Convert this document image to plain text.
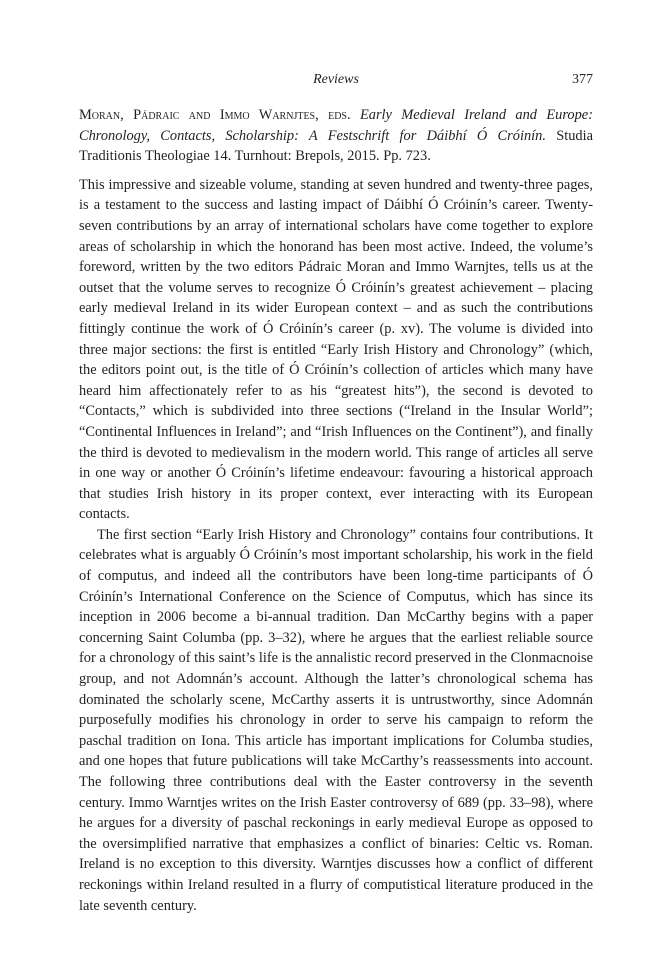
Reviews	377

Moran, Pádraic and Immo Warnjtes, eds. Early Medieval Ireland and Europe: Chronology, Contacts, Scholarship: A Festschrift for Dáibhí Ó Cróinín. Studia Traditionis Theologiae 14. Turnhout: Brepols, 2015. Pp. 723.

This impressive and sizeable volume, standing at seven hundred and twenty-three pages, is a testament to the success and lasting impact of Dáibhí Ó Cróinín’s career. Twenty-seven contributions by an array of international scholars have come together to explore areas of scholarship in which the honorand has been most active. Indeed, the volume’s foreword, written by the two editors Pádraic Moran and Immo Warnjtes, tells us at the outset that the volume serves to recognize Ó Cróinín’s greatest achievement – placing early medieval Ireland in its wider European context – and as such the contributions fittingly continue the work of Ó Cróinín’s career (p. xv). The volume is divided into three major sections: the first is entitled “Early Irish History and Chronology” (which, the editors point out, is the title of Ó Cróinín’s collection of articles which many have heard him affectionately refer to as his “greatest hits”), the second is devoted to “Contacts,” which is subdivided into three sections (“Ireland in the Insular World”; “Continental Influences in Ireland”; and “Irish Influences on the Continent”), and finally the third is devoted to medievalism in the modern world. This range of articles all serve in one way or another Ó Cróinín’s lifetime endeavour: favouring a historical approach that studies Irish history in its proper context, ever interacting with its European contacts.

The first section “Early Irish History and Chronology” contains four contributions. It celebrates what is arguably Ó Cróinín’s most important scholarship, his work in the field of computus, and indeed all the contributors have been long-time participants of Ó Cróinín’s International Conference on the Science of Computus, which has since its inception in 2006 become a bi-annual tradition. Dan McCarthy begins with a paper concerning Saint Columba (pp. 3–32), where he argues that the earliest reliable source for a chronology of this saint’s life is the annalistic record preserved in the Clonmacnoise group, and not Adomnán’s account. Although the latter’s chronological schema has dominated the scholarly scene, McCarthy asserts it is untrustworthy, since Adomnán purposefully modifies his chronology in order to serve his campaign to reform the paschal tradition on Iona. This article has important implications for Columba studies, and one hopes that future publications will take McCarthy’s reassessments into account. The following three contributions deal with the Easter controversy in the seventh century. Immo Warntjes writes on the Irish Easter controversy of 689 (pp. 33–98), where he argues for a diversity of paschal reckonings in early medieval Europe as opposed to the oversimplified narrative that emphasizes a conflict of binaries: Celtic vs. Roman. Ireland is no exception to this diversity. Warntjes discusses how a conflict of different reckonings within Ireland resulted in a flurry of computistical literature produced in the late seventh century.
